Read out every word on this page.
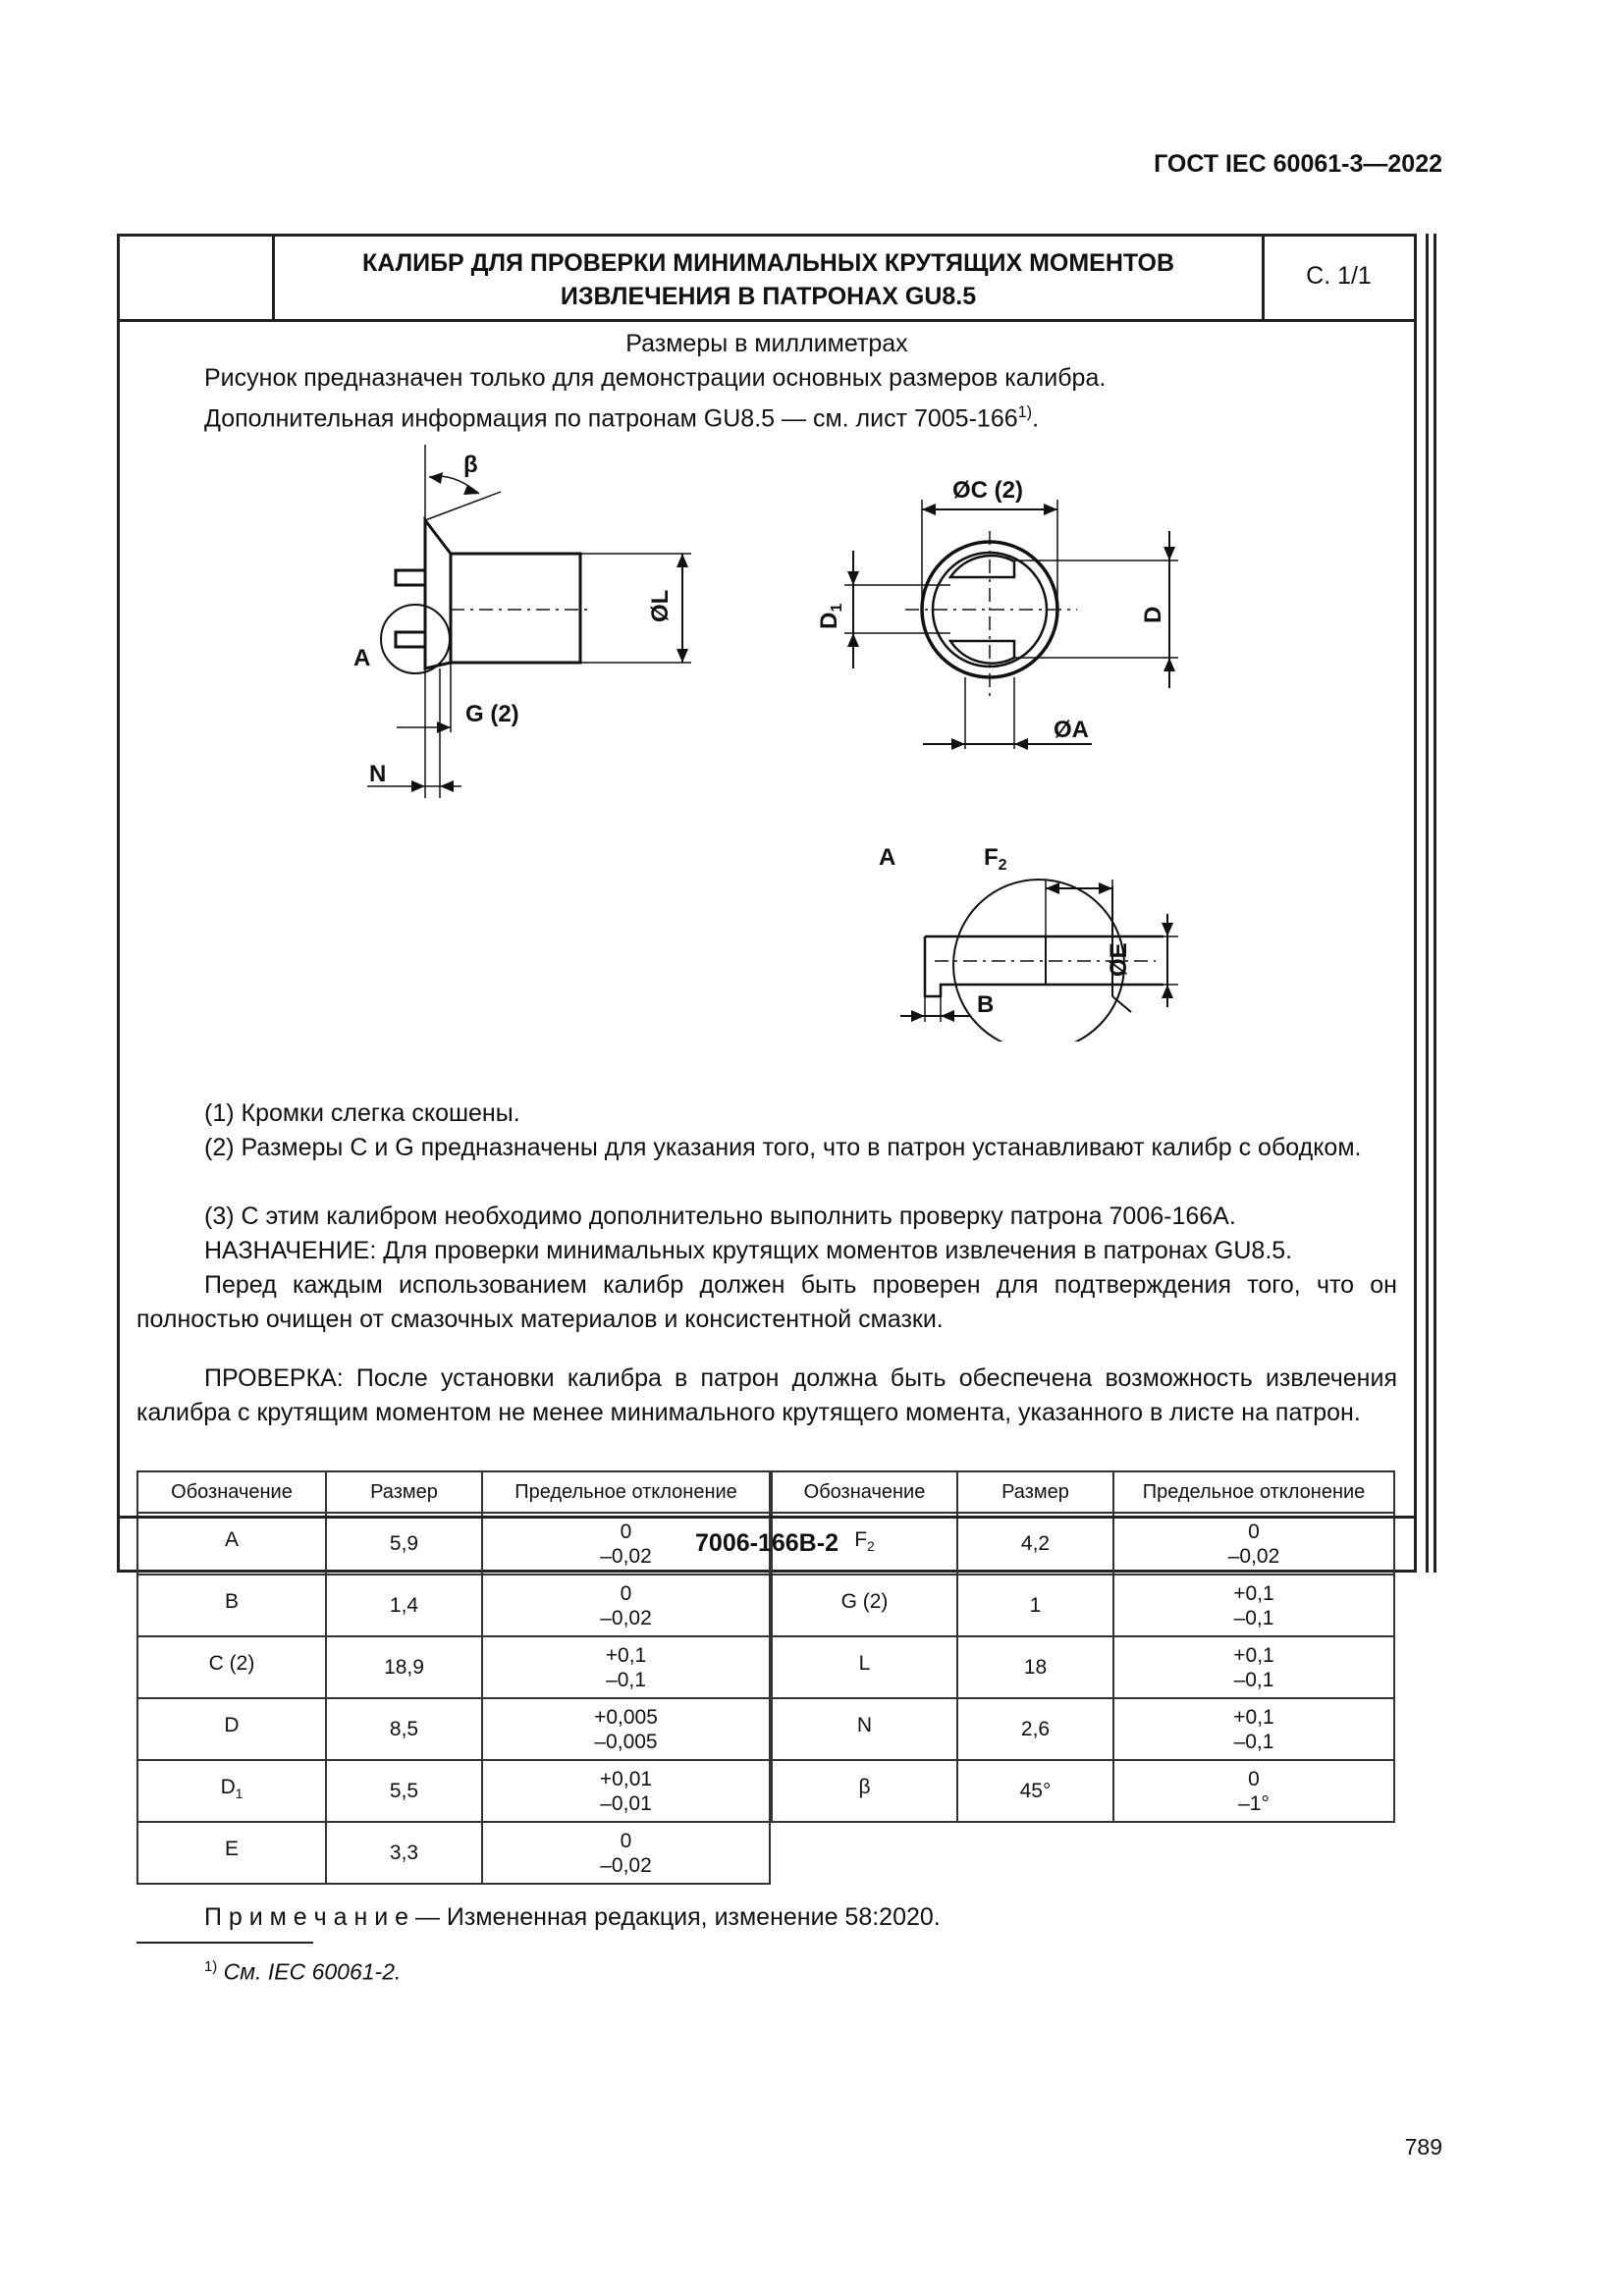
ГОСТ IEC 60061-3—2022
КАЛИБР ДЛЯ ПРОВЕРКИ МИНИМАЛЬНЫХ КРУТЯЩИХ МОМЕНТОВ ИЗВЛЕЧЕНИЯ В ПАТРОНАХ GU8.5
С. 1/1
Размеры в миллиметрах
Рисунок предназначен только для демонстрации основных размеров калибра.
Дополнительная информация по патронам GU8.5 — см. лист 7005-166$^{1)}$.
β
A
ØL
G (2)
N
ØC (2)
$D_1$	D
ØA
A	$F_2$
ØE
B
(1) Кромки слегка скошены.
(2) Размеры C и G предназначены для указания того, что в патрон устанавливают калибр с ободком.
(3) С этим калибром необходимо дополнительно выполнить проверку патрона 7006-166A.
НАЗНАЧЕНИЕ: Для проверки минимальных крутящих моментов извлечения в патронах GU8.5.
Перед каждым использованием калибр должен быть проверен для подтверждения того, что он полностью очищен от смазочных материалов и консистентной смазки.
ПРОВЕРКА: После установки калибра в патрон должна быть обеспечена возможность извлечения калибра с крутящим моментом не менее минимального крутящего момента, указанного в листе на патрон.
Обозначение	Размер	Предельное отклонение
A	5,9	0
–0,02

B	1,4	0
–0,02

C (2)	18,9	+0,1
–0,1

D	8,5	+0,005
–0,005

$D_1$	5,5	+0,01
–0,01

E	3,3	0
–0,02
Обозначение	Размер	Предельное отклонение
$F_2$	4,2	0
–0,02

G (2)	1	+0,1
–0,1

L	18	+0,1
–0,1

N	2,6	+0,1
–0,1

β	45°	0
–1°
П р и м е ч а н и е — Измененная редакция, изменение 58:2020.
$^{1)}$ См. IEC 60061-2.
7006-166B-2
789
